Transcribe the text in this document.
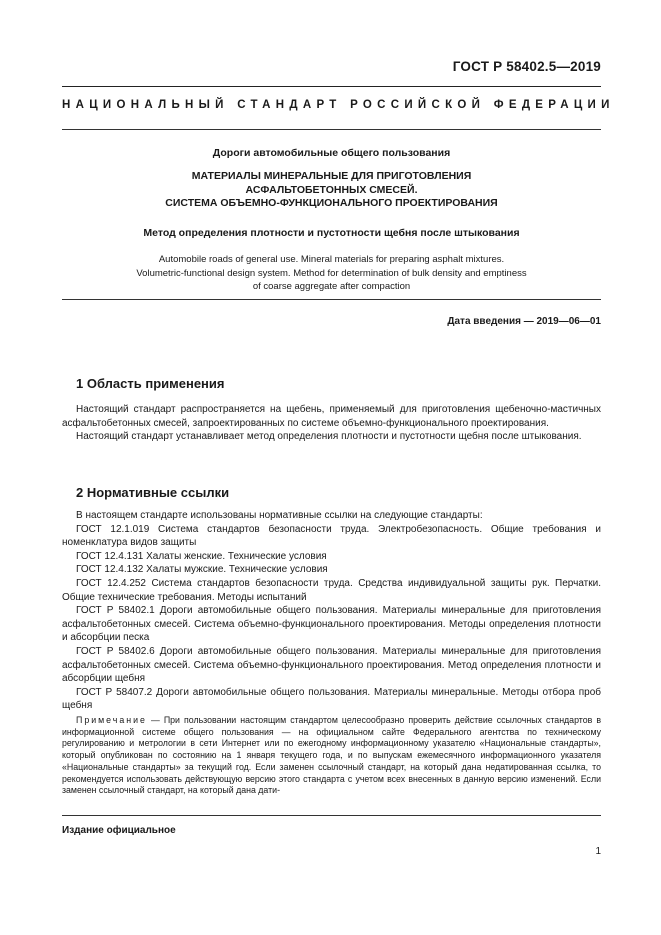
ГОСТ Р 58402.5—2019
НАЦИОНАЛЬНЫЙ СТАНДАРТ РОССИЙСКОЙ ФЕДЕРАЦИИ
Дороги автомобильные общего пользования
МАТЕРИАЛЫ МИНЕРАЛЬНЫЕ ДЛЯ ПРИГОТОВЛЕНИЯ
АСФАЛЬТОБЕТОННЫХ СМЕСЕЙ.
СИСТЕМА ОБЪЕМНО-ФУНКЦИОНАЛЬНОГО ПРОЕКТИРОВАНИЯ
Метод определения плотности и пустотности щебня после штыкования
Automobile roads of general use. Mineral materials for preparing asphalt mixtures.
Volumetric-functional design system. Method for determination of bulk density and emptiness
of coarse aggregate after compaction
Дата введения — 2019—06—01
1 Область применения

Настоящий стандарт распространяется на щебень, применяемый для приготовления щебеночно-мастичных асфальтобетонных смесей, запроектированных по системе объемно-функционального проектирования.

Настоящий стандарт устанавливает метод определения плотности и пустотности щебня после штыкования.

2 Нормативные ссылки

В настоящем стандарте использованы нормативные ссылки на следующие стандарты:

ГОСТ 12.1.019 Система стандартов безопасности труда. Электробезопасность. Общие требования и номенклатура видов защиты

ГОСТ 12.4.131 Халаты женские. Технические условия

ГОСТ 12.4.132 Халаты мужские. Технические условия

ГОСТ 12.4.252 Система стандартов безопасности труда. Средства индивидуальной защиты рук. Перчатки. Общие технические требования. Методы испытаний

ГОСТ Р 58402.1 Дороги автомобильные общего пользования. Материалы минеральные для приготовления асфальтобетонных смесей. Система объемно-функционального проектирования. Методы определения плотности и абсорбции песка

ГОСТ Р 58402.6 Дороги автомобильные общего пользования. Материалы минеральные для приготовления асфальтобетонных смесей. Система объемно-функционального проектирования. Метод определения плотности и абсорбции щебня

ГОСТ Р 58407.2 Дороги автомобильные общего пользования. Материалы минеральные. Методы отбора проб щебня

Примечание — При пользовании настоящим стандартом целесообразно проверить действие ссылочных стандартов в информационной системе общего пользования — на официальном сайте Федерального агентства по техническому регулированию и метрологии в сети Интернет или по ежегодному информационному указателю «Национальные стандарты», который опубликован по состоянию на 1 января текущего года, и по выпускам ежемесячного информационного указателя «Национальные стандарты» за текущий год. Если заменен ссылочный стандарт, на который дана недатированная ссылка, то рекомендуется использовать действующую версию этого стандарта с учетом всех внесенных в данную версию изменений. Если заменен ссылочный стандарт, на который дана дати-
Издание официальное
1
